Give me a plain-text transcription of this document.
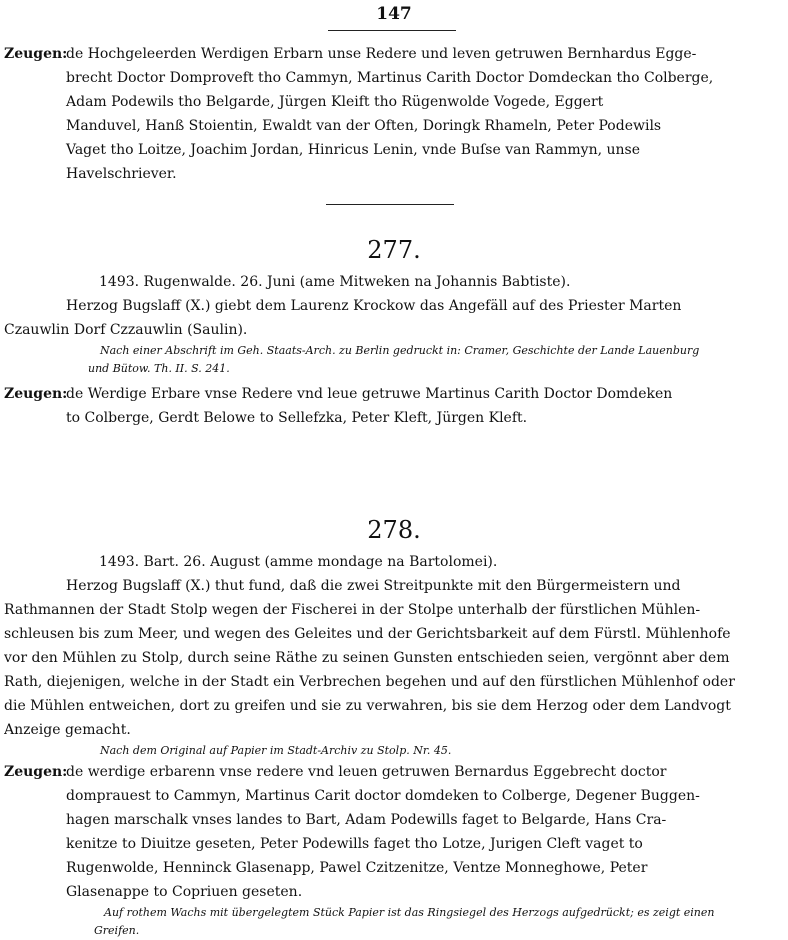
147
Zeugen:de Hochgeleerden Werdigen Erbarn unse Redere und leven getruwen Bernhardus Egge-
brecht Doctor Domproveft tho Cammyn, Martinus Carith Doctor Domdeckan tho Colberge,
Adam Podewils tho Belgarde, Jürgen Kleift tho Rügenwolde Vogede, Eggert
Manduvel, Hanß Stoientin, Ewaldt van der Often, Doringk Rhameln, Peter Podewils
Vaget tho Loitze, Joachim Jordan, Hinricus Lenin, vnde Buſse van Rammyn, unse
Havelschriever.
277.
1493. Rugenwalde. 26. Juni (ame Mitweken na Johannis Babtiste).
Herzog Bugslaff (X.) giebt dem Laurenz Krockow das Angefäll auf des Priester Marten
Czauwlin Dorf Czzauwlin (Saulin).
Nach einer Abschrift im Geh. Staats-Arch. zu Berlin gedruckt in: Cramer, Geschichte der Lande Lauenburg
und Bütow. Th. II. S. 241.
Zeugen:de Werdige Erbare vnse Redere vnd leue getruwe Martinus Carith Doctor Domdeken
to Colberge, Gerdt Belowe to Sellefzka, Peter Kleft, Jürgen Kleft.
278.
1493. Bart. 26. August (amme mondage na Bartolomei).
Herzog Bugslaff (X.) thut fund, daß die zwei Streitpunkte mit den Bürgermeistern und
Rathmannen der Stadt Stolp wegen der Fischerei in der Stolpe unterhalb der fürstlichen Mühlen-
schleusen bis zum Meer, und wegen des Geleites und der Gerichtsbarkeit auf dem Fürstl. Mühlenhofe
vor den Mühlen zu Stolp, durch seine Räthe zu seinen Gunsten entschieden seien, vergönnt aber dem
Rath, diejenigen, welche in der Stadt ein Verbrechen begehen und auf den fürstlichen Mühlenhof oder
die Mühlen entweichen, dort zu greifen und sie zu verwahren, bis sie dem Herzog oder dem Landvogt
Anzeige gemacht.
Nach dem Original auf Papier im Stadt-Archiv zu Stolp. Nr. 45.
Zeugen:de werdige erbarenn vnse redere vnd leuen getruwen Bernardus Eggebrecht doctor
domprauest to Cammyn, Martinus Carit doctor domdeken to Colberge, Degener Buggen-
hagen marschalk vnses landes to Bart, Adam Podewills faget to Belgarde, Hans Cra-
kenitze to Diuitze geseten, Peter Podewills faget tho Lotze, Jurigen Cleft vaget to
Rugenwolde, Henninck Glasenapp, Pawel Czitzenitze, Ventze Monneghowe, Peter
Glasenappe to Copriuen geseten.
Auf rothem Wachs mit übergelegtem Stück Papier ist das Ringsiegel des Herzogs aufgedrückt; es zeigt einen
Greifen.
